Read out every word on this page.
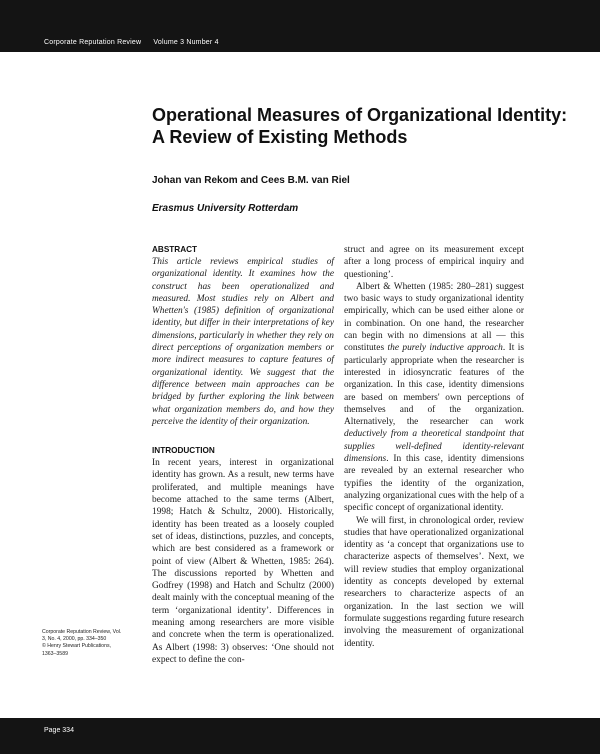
Corporate Reputation Review Volume 3 Number 4
Operational Measures of Organizational Identity: A Review of Existing Methods
Johan van Rekom and Cees B.M. van Riel
Erasmus University Rotterdam
ABSTRACT

This article reviews empirical studies of organizational identity. It examines how the construct has been operationalized and measured. Most studies rely on Albert and Whetten's (1985) definition of organizational identity, but differ in their interpretations of key dimensions, particularly in whether they rely on direct perceptions of organization members or more indirect measures to capture features of organizational identity. We suggest that the difference between main approaches can be bridged by further exploring the link between what organization members do, and how they perceive the identity of their organization.

INTRODUCTION

In recent years, interest in organizational identity has grown. As a result, new terms have proliferated, and multiple meanings have become attached to the same terms (Albert, 1998; Hatch & Schultz, 2000). Historically, identity has been treated as a loosely coupled set of ideas, distinctions, puzzles, and concepts, which are best considered as a framework or point of view (Albert & Whetten, 1985: 264). The discussions reported by Whetten and Godfrey (1998) and Hatch and Schultz (2000) dealt mainly with the conceptual meaning of the term ‘organizational identity’. Differences in meaning among researchers are more visible and concrete when the term is operationalized. As Albert (1998: 3) observes: ‘One should not expect to define the con-

struct and agree on its measurement except after a long process of empirical inquiry and questioning’.

Albert & Whetten (1985: 280–281) suggest two basic ways to study organizational identity empirically, which can be used either alone or in combination. On one hand, the researcher can begin with no dimensions at all — this constitutes the purely inductive approach. It is particularly appropriate when the researcher is interested in idiosyncratic features of the organization. In this case, identity dimensions are based on members' own perceptions of themselves and of the organization. Alternatively, the researcher can work deductively from a theoretical standpoint that supplies well-defined identity-relevant dimensions. In this case, identity dimensions are revealed by an external researcher who typifies the identity of the organization, analyzing organizational cues with the help of a specific concept of organizational identity.

We will first, in chronological order, review studies that have operationalized organizational identity as ‘a concept that organizations use to characterize aspects of themselves’. Next, we will review studies that employ organizational identity as concepts developed by external researchers to characterize aspects of an organization. In the last section we will formulate suggestions regarding future research involving the measurement of organizational identity.

Corporate Reputation Review, Vol.
3, No. 4, 2000, pp. 334–350
© Henry Stewart Publications,
1363–3589
Page 334
